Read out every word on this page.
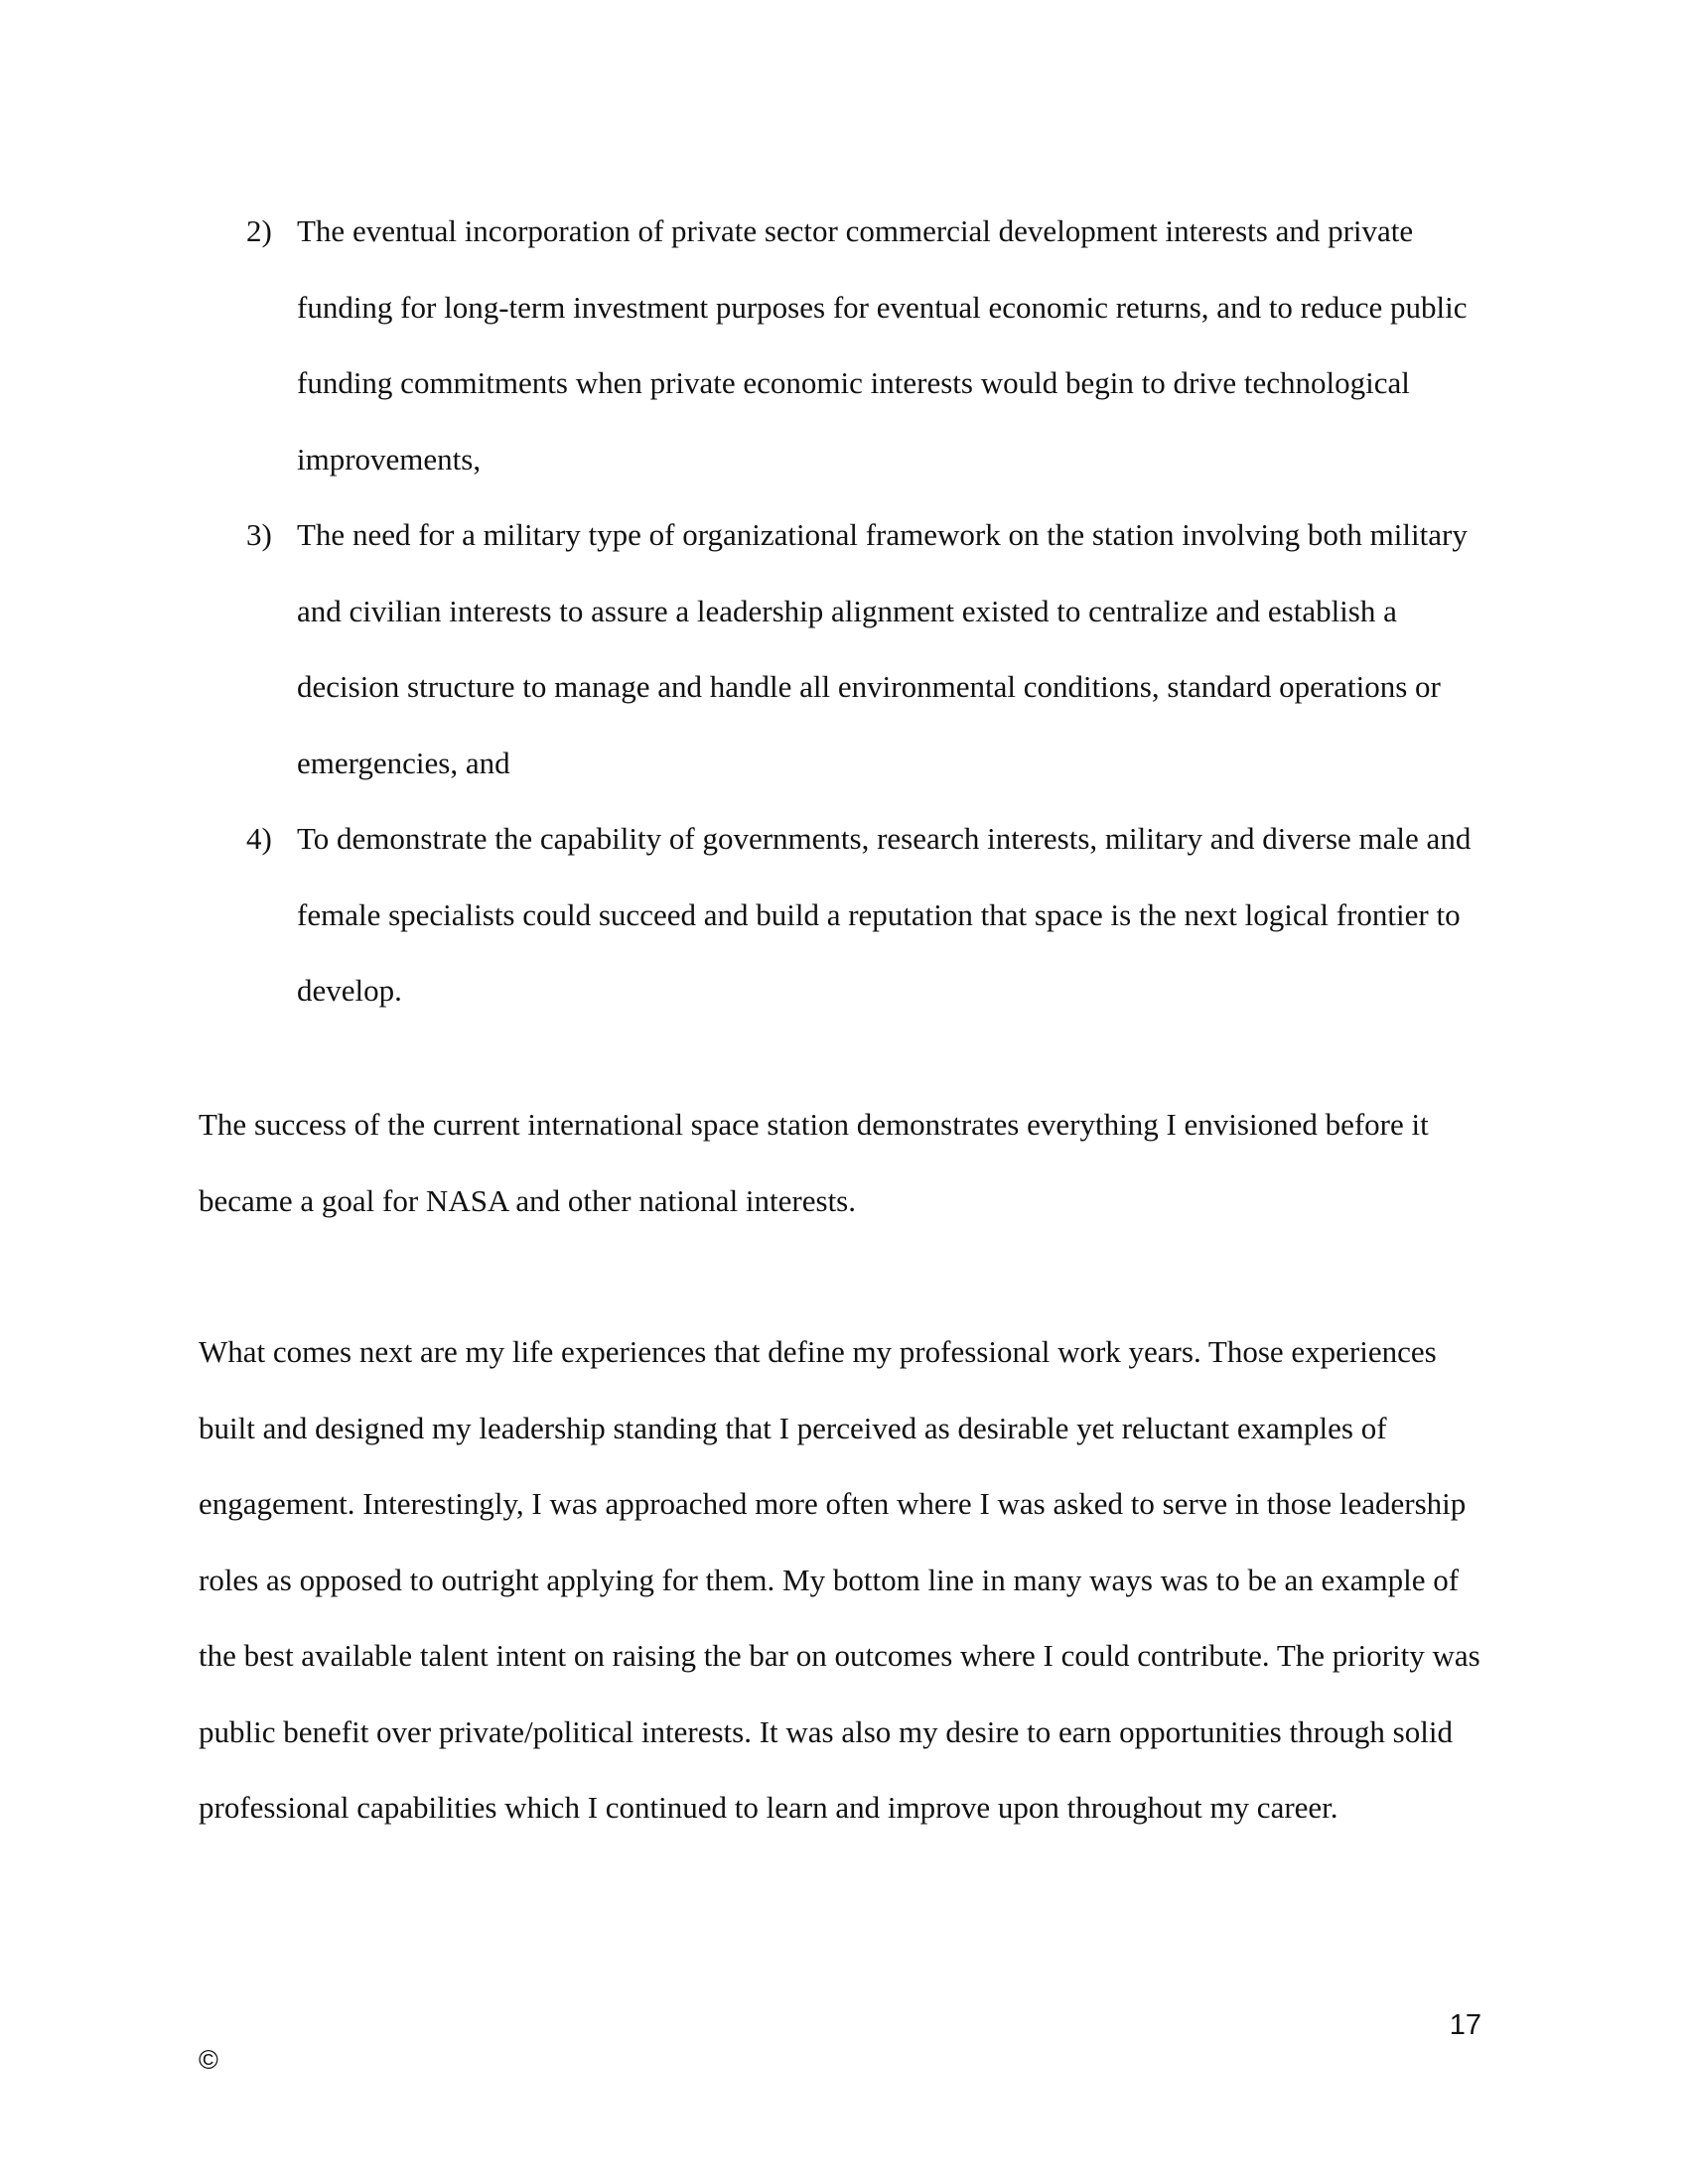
2) The eventual incorporation of private sector commercial development interests and private funding for long-term investment purposes for eventual economic returns, and to reduce public funding commitments when private economic interests would begin to drive technological improvements,
3) The need for a military type of organizational framework on the station involving both military and civilian interests to assure a leadership alignment existed to centralize and establish a decision structure to manage and handle all environmental conditions, standard operations or emergencies, and
4) To demonstrate the capability of governments, research interests, military and diverse male and female specialists could succeed and build a reputation that space is the next logical frontier to develop.

The success of the current international space station demonstrates everything I envisioned before it became a goal for NASA and other national interests.

What comes next are my life experiences that define my professional work years. Those experiences built and designed my leadership standing that I perceived as desirable yet reluctant examples of engagement. Interestingly, I was approached more often where I was asked to serve in those leadership roles as opposed to outright applying for them. My bottom line in many ways was to be an example of the best available talent intent on raising the bar on outcomes where I could contribute. The priority was public benefit over private/political interests. It was also my desire to earn opportunities through solid professional capabilities which I continued to learn and improve upon throughout my career.

17
©
